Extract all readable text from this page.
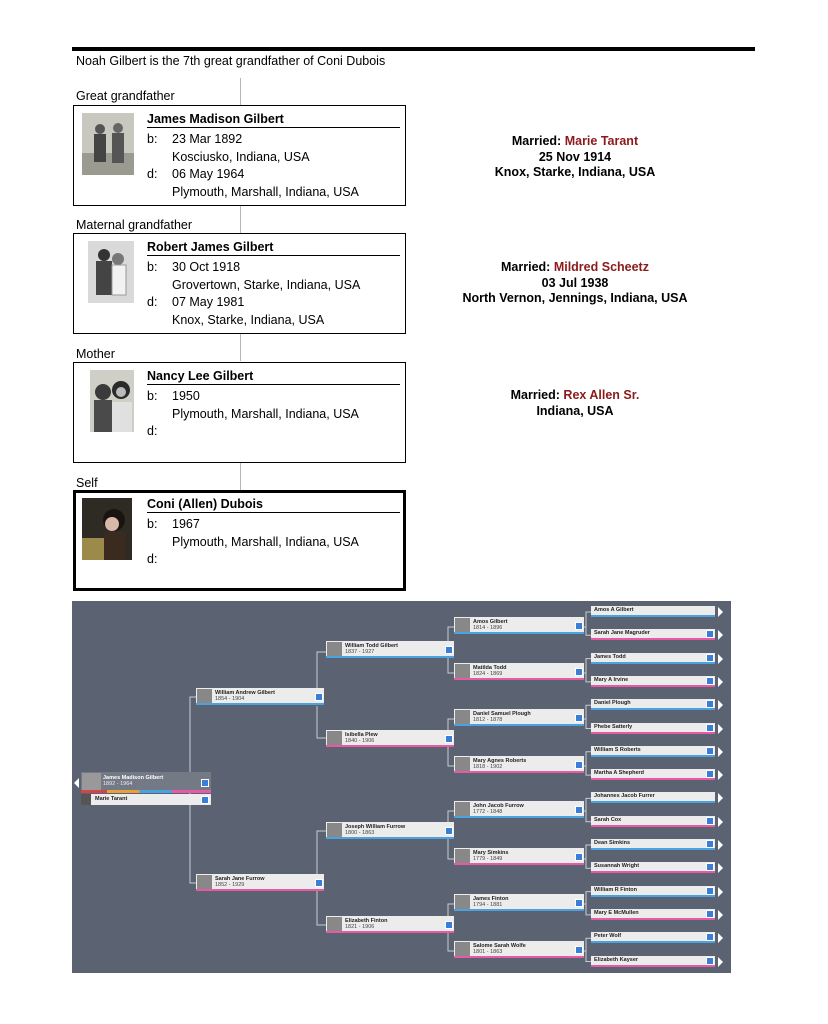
Noah Gilbert is the 7th great grandfather of Coni Dubois
Great grandfather
James Madison Gilbert
b: 23 Mar 1892
Kosciusko, Indiana, USA
d: 06 May 1964
Plymouth, Marshall, Indiana, USA
Married: Marie Tarant
25 Nov 1914
Knox, Starke, Indiana, USA
Maternal grandfather
Robert James Gilbert
b: 30 Oct 1918
Grovertown, Starke, Indiana, USA
d: 07 May 1981
Knox, Starke, Indiana, USA
Married: Mildred Scheetz
03 Jul 1938
North Vernon, Jennings, Indiana, USA
Mother
Nancy Lee Gilbert
b: 1950
Plymouth, Marshall, Indiana, USA
d:
Married: Rex Allen Sr.
Indiana, USA
Self
Coni (Allen) Dubois
b: 1967
Plymouth, Marshall, Indiana, USA
d:
James Madison Gilbert
1892 - 1964
Marie Tarant
William Andrew Gilbert
1854 - 1904
Sarah Jane Furrow
1852 - 1929
William Todd Gilbert
1837 - 1927
Isibella Plew
1840 - 1906
Joseph William Furrow
1800 - 1863
Elizabeth Finton
1821 - 1906
Amos Gilbert
1814 - 1896
Matilda Todd
1824 - 1869
Daniel Samuel Plough
1812 - 1878
Mary Agnes Roberts
1818 - 1902
John Jacob Furrow
1772 - 1848
Mary Simkins
1779 - 1849
James Finton
1794 - 1881
Salome Sarah Wolfe
1801 - 1863
Amos A Gilbert
Sarah Jane Magruder
James Todd
Mary A Irvine
Daniel Plough
Phebe Satterly
William S Roberts
Martha A Shepherd
Johannes Jacob Furrer
Sarah Cox
Dean Simkins
Susannah Wright
William R Finton
Mary E McMullen
Peter Wolf
Elizabeth Kayser
